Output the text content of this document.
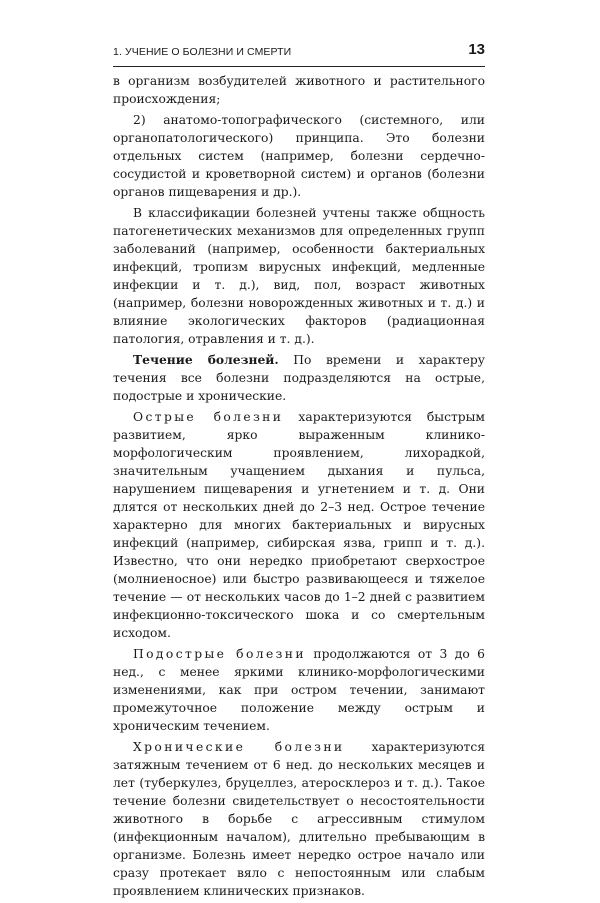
1. УЧЕНИЕ О БОЛЕЗНИ И СМЕРТИ	13

в организм возбудителей животного и растительного происхождения;

2) анатомо-топографического (системного, или органопатологического) принципа. Это болезни отдельных систем (например, болезни сердечно-сосудистой и кроветворной систем) и органов (болезни органов пищеварения и др.).

В классификации болезней учтены также общность патогенетических механизмов для определенных групп заболеваний (например, особенности бактериальных инфекций, тропизм вирусных инфекций, медленные инфекции и т. д.), вид, пол, возраст животных (например, болезни новорожденных животных и т. д.) и влияние экологических факторов (радиационная патология, отравления и т. д.).

Течение болезней. По времени и характеру течения все болезни подразделяются на острые, подострые и хронические.

Острые болезни характеризуются быстрым развитием, ярко выраженным клинико-морфологическим проявлением, лихорадкой, значительным учащением дыхания и пульса, нарушением пищеварения и угнетением и т. д. Они длятся от нескольких дней до 2–3 нед. Острое течение характерно для многих бактериальных и вирусных инфекций (например, сибирская язва, грипп и т. д.). Известно, что они нередко приобретают сверхострое (молниеносное) или быстро развивающееся и тяжелое течение — от нескольких часов до 1–2 дней с развитием инфекционно-токсического шока и со смертельным исходом.

Подострые болезни продолжаются от 3 до 6 нед., с менее яркими клинико-морфологическими изменениями, как при остром течении, занимают промежуточное положение между острым и хроническим течением.

Хронические болезни характеризуются затяжным течением от 6 нед. до нескольких месяцев и лет (туберкулез, бруцеллез, атеросклероз и т. д.). Такое течение болезни свидетельствует о несостоятельности животного в борьбе с агрессивным стимулом (инфекционным началом), длительно пребывающим в организме. Болезнь имеет нередко острое начало или сразу протекает вяло с непостоянным или слабым проявлением клинических признаков.
